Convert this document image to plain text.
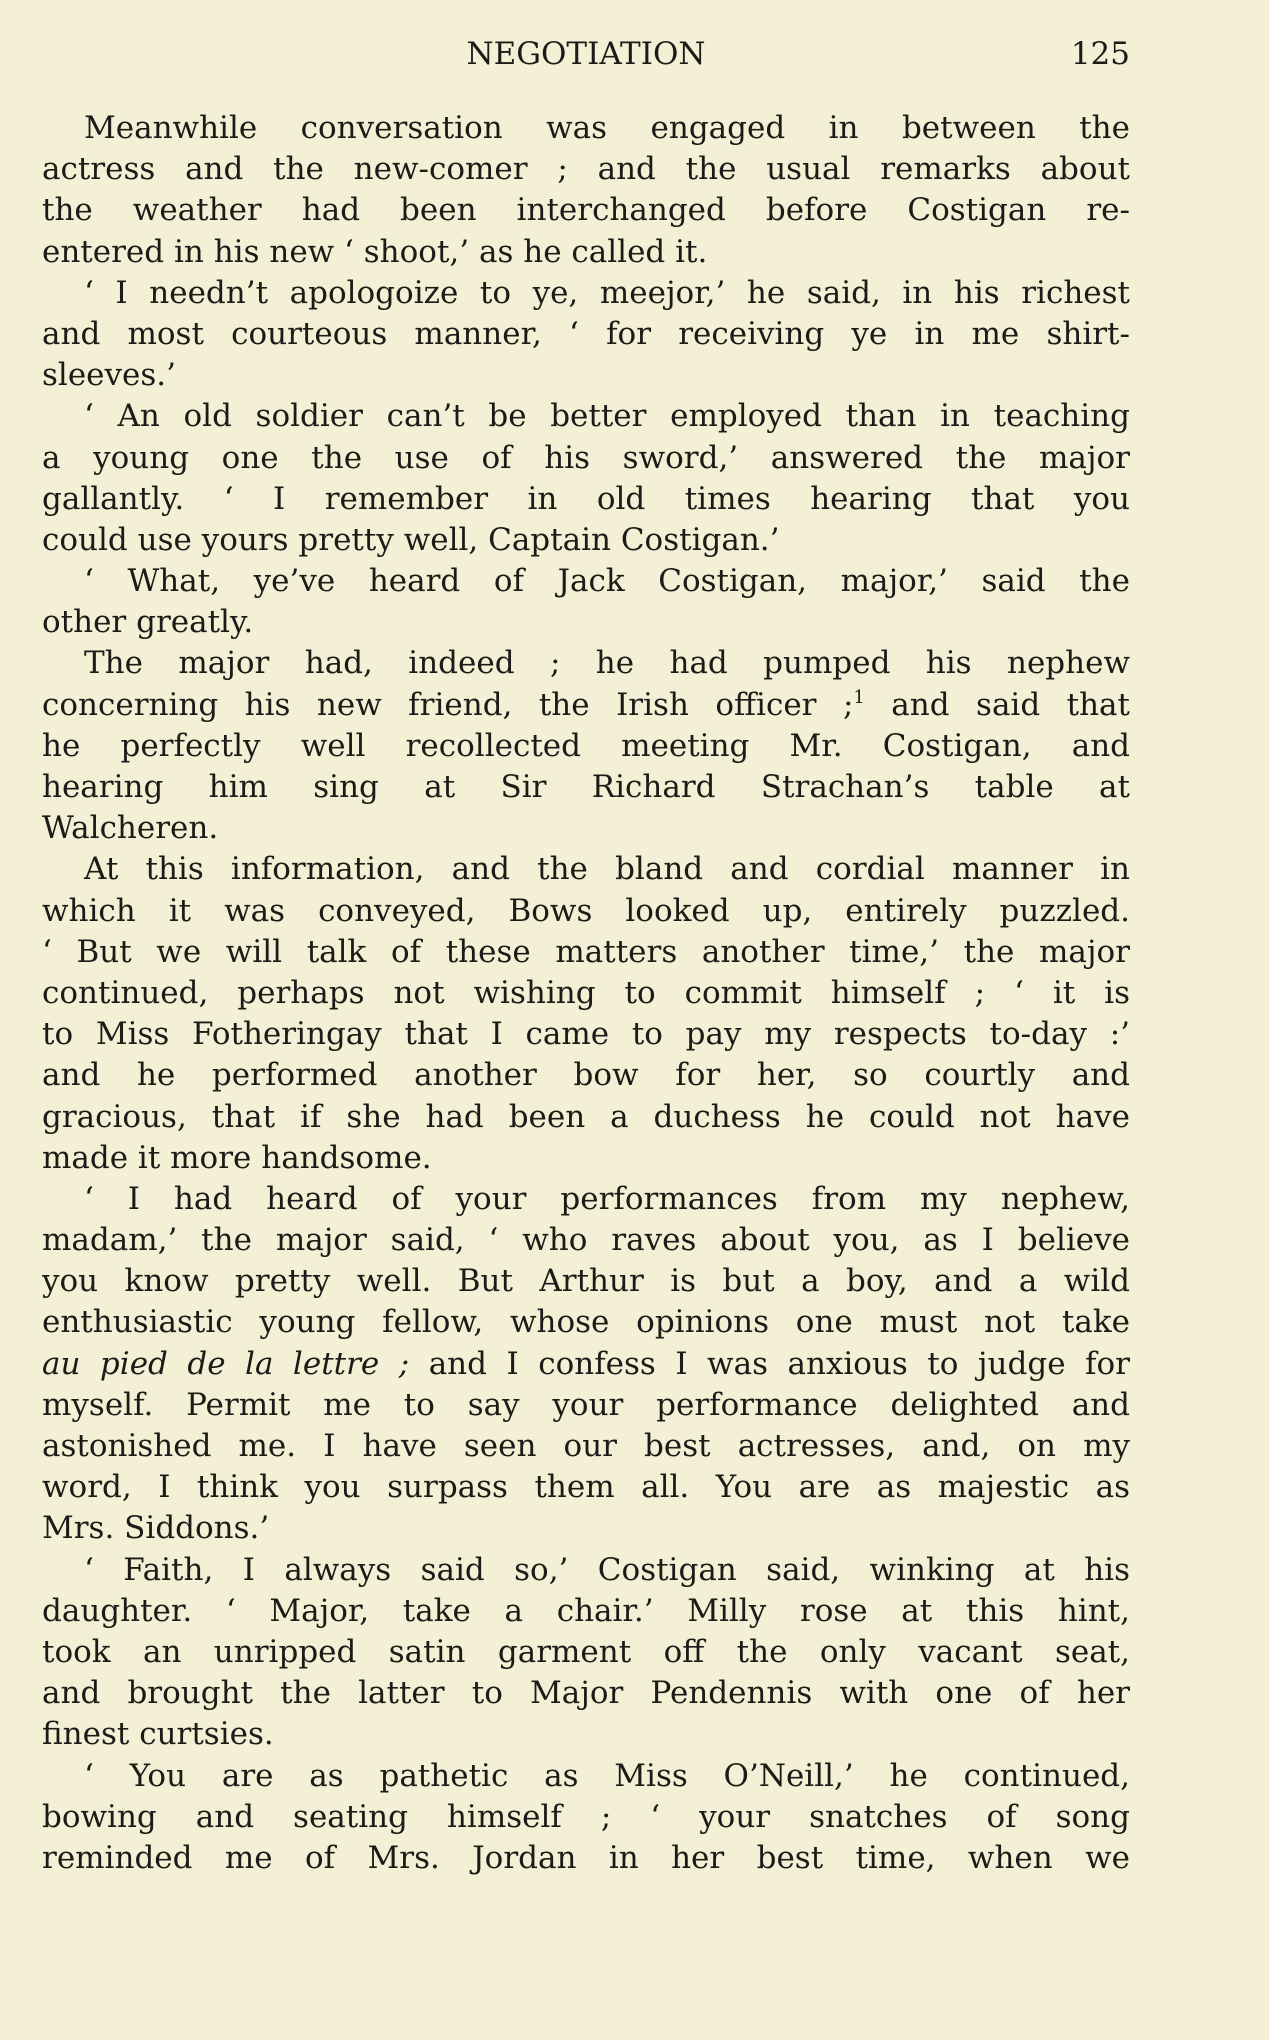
NEGOTIATION	125
Meanwhile conversation was engaged in between the
actress and the new-comer ; and the usual remarks about
the weather had been interchanged before Costigan re-
entered in his new ‘ shoot,’ as he called it.
‘ I needn’t apologoize to ye, meejor,’ he said, in his richest
and most courteous manner, ‘ for receiving ye in me shirt-
sleeves.’
‘ An old soldier can’t be better employed than in teaching
a young one the use of his sword,’ answered the major
gallantly. ‘ I remember in old times hearing that you
could use yours pretty well, Captain Costigan.’
‘ What, ye’ve heard of Jack Costigan, major,’ said the
other greatly.
The major had, indeed ; he had pumped his nephew
concerning his new friend, the Irish officer ;$^1$ and said that
he perfectly well recollected meeting Mr. Costigan, and
hearing him sing at Sir Richard Strachan’s table at
Walcheren.
At this information, and the bland and cordial manner in
which it was conveyed, Bows looked up, entirely puzzled.
‘ But we will talk of these matters another time,’ the major
continued, perhaps not wishing to commit himself ; ‘ it is
to Miss Fotheringay that I came to pay my respects to-day :’
and he performed another bow for her, so courtly and
gracious, that if she had been a duchess he could not have
made it more handsome.
‘ I had heard of your performances from my nephew,
madam,’ the major said, ‘ who raves about you, as I believe
you know pretty well. But Arthur is but a boy, and a wild
enthusiastic young fellow, whose opinions one must not take
au pied de la lettre ; and I confess I was anxious to judge for
myself. Permit me to say your performance delighted and
astonished me. I have seen our best actresses, and, on my
word, I think you surpass them all. You are as majestic as
Mrs. Siddons.’
‘ Faith, I always said so,’ Costigan said, winking at his
daughter. ‘ Major, take a chair.’ Milly rose at this hint,
took an unripped satin garment off the only vacant seat,
and brought the latter to Major Pendennis with one of her
finest curtsies.
‘ You are as pathetic as Miss O’Neill,’ he continued,
bowing and seating himself ; ‘ your snatches of song
reminded me of Mrs. Jordan in her best time, when we
